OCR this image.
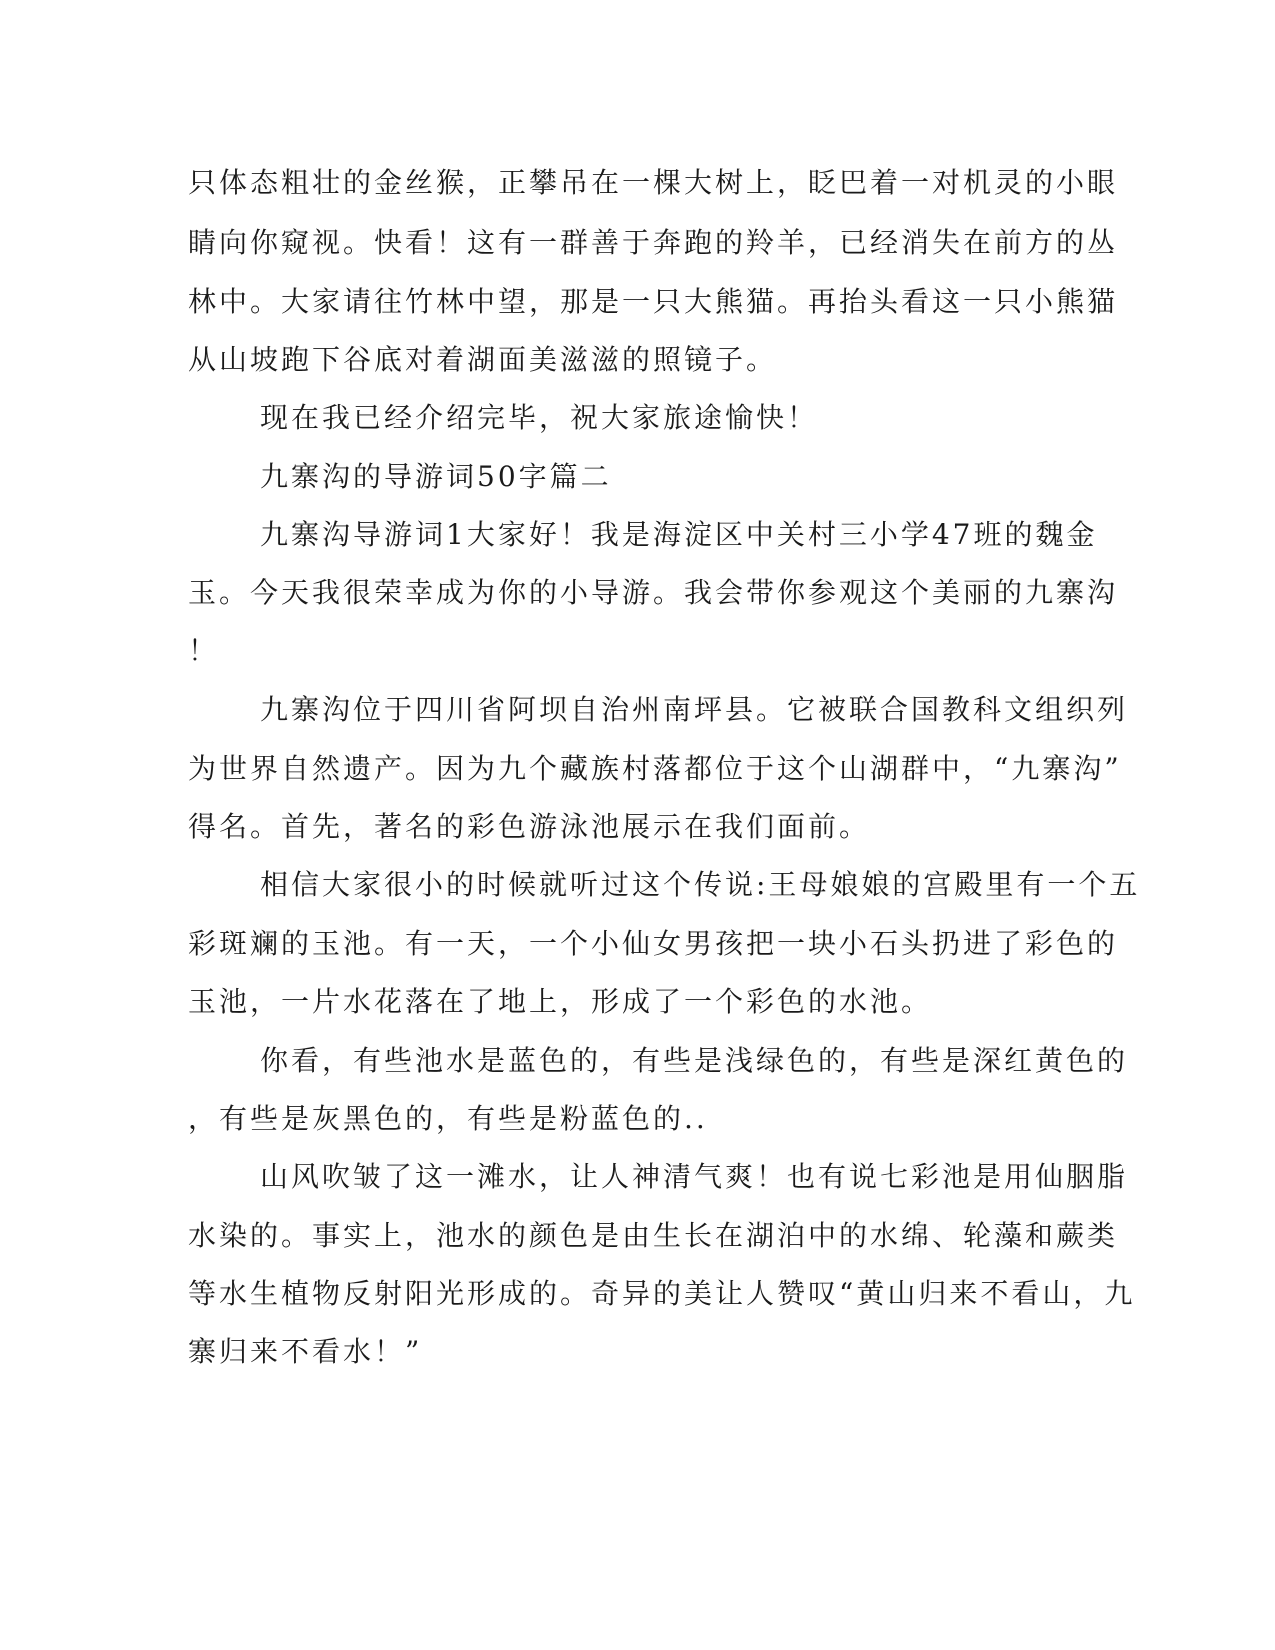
只体态粗壮的金丝猴，正攀吊在一棵大树上，眨巴着一对机灵的小眼
睛向你窥视。快看！这有一群善于奔跑的羚羊，已经消失在前方的丛
林中。大家请往竹林中望，那是一只大熊猫。再抬头看这一只小熊猫
从山坡跑下谷底对着湖面美滋滋的照镜子。
现在我已经介绍完毕，祝大家旅途愉快！
九寨沟的导游词50字篇二
九寨沟导游词1大家好！我是海淀区中关村三小学47班的魏金
玉。今天我很荣幸成为你的小导游。我会带你参观这个美丽的九寨沟
！
九寨沟位于四川省阿坝自治州南坪县。它被联合国教科文组织列
为世界自然遗产。因为九个藏族村落都位于这个山湖群中，“九寨沟”
得名。首先，著名的彩色游泳池展示在我们面前。
相信大家很小的时候就听过这个传说:王母娘娘的宫殿里有一个五
彩斑斓的玉池。有一天，一个小仙女男孩把一块小石头扔进了彩色的
玉池，一片水花落在了地上，形成了一个彩色的水池。
你看，有些池水是蓝色的，有些是浅绿色的，有些是深红黄色的
，有些是灰黑色的，有些是粉蓝色的..
山风吹皱了这一滩水，让人神清气爽！也有说七彩池是用仙胭脂
水染的。事实上，池水的颜色是由生长在湖泊中的水绵、轮藻和蕨类
等水生植物反射阳光形成的。奇异的美让人赞叹“黄山归来不看山，九
寨归来不看水！”
